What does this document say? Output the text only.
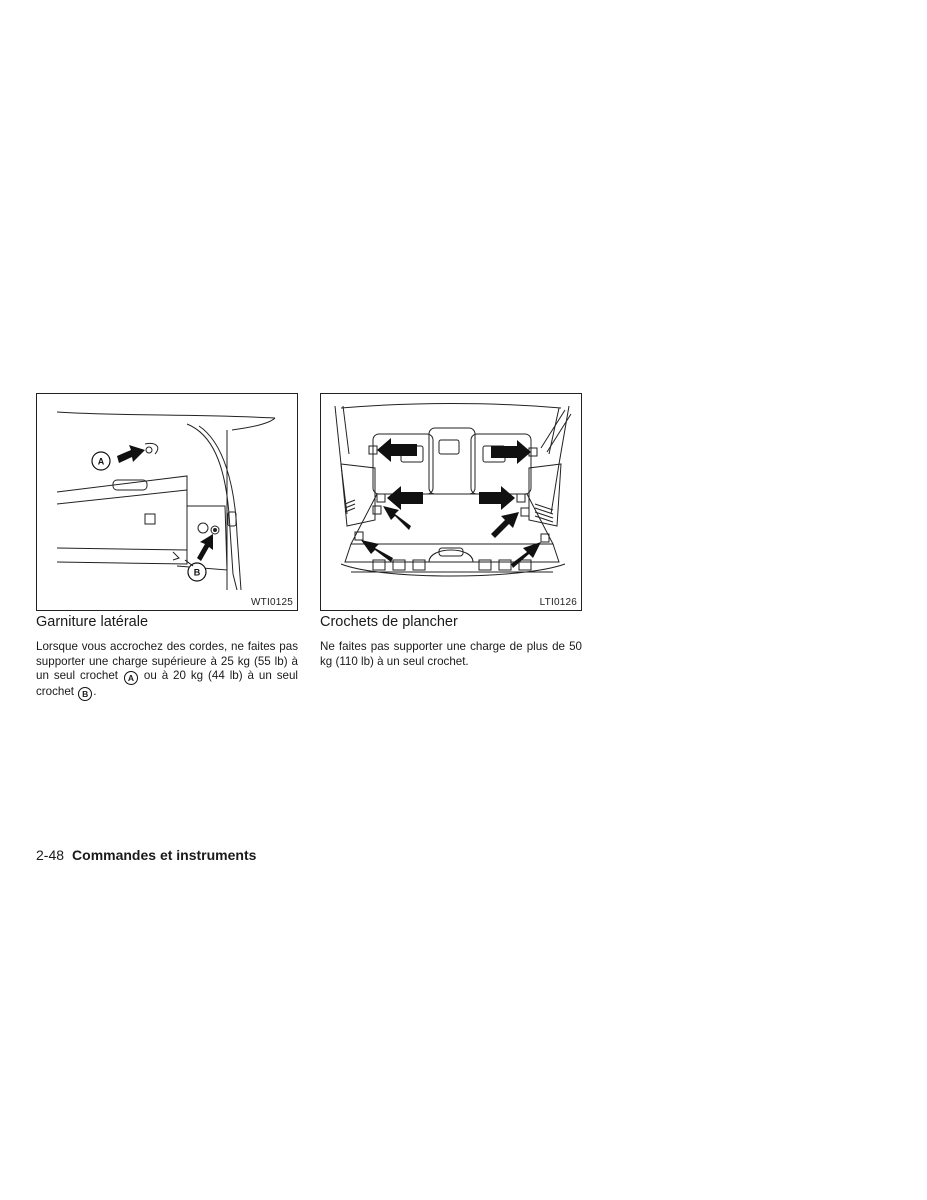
A
B
WTI0125	LTI0126
Garniture latérale	Crochets de plancher

Lorsque vous accrochez des cordes, ne faites pas supporter une charge supérieure à 25 kg (55 lb) à un seul crochet A ou à 20 kg (44 lb) à un seul crochet B .

Ne faites pas supporter une charge de plus de 50 kg (110 lb) à un seul crochet.

2-48 Commandes et instruments
